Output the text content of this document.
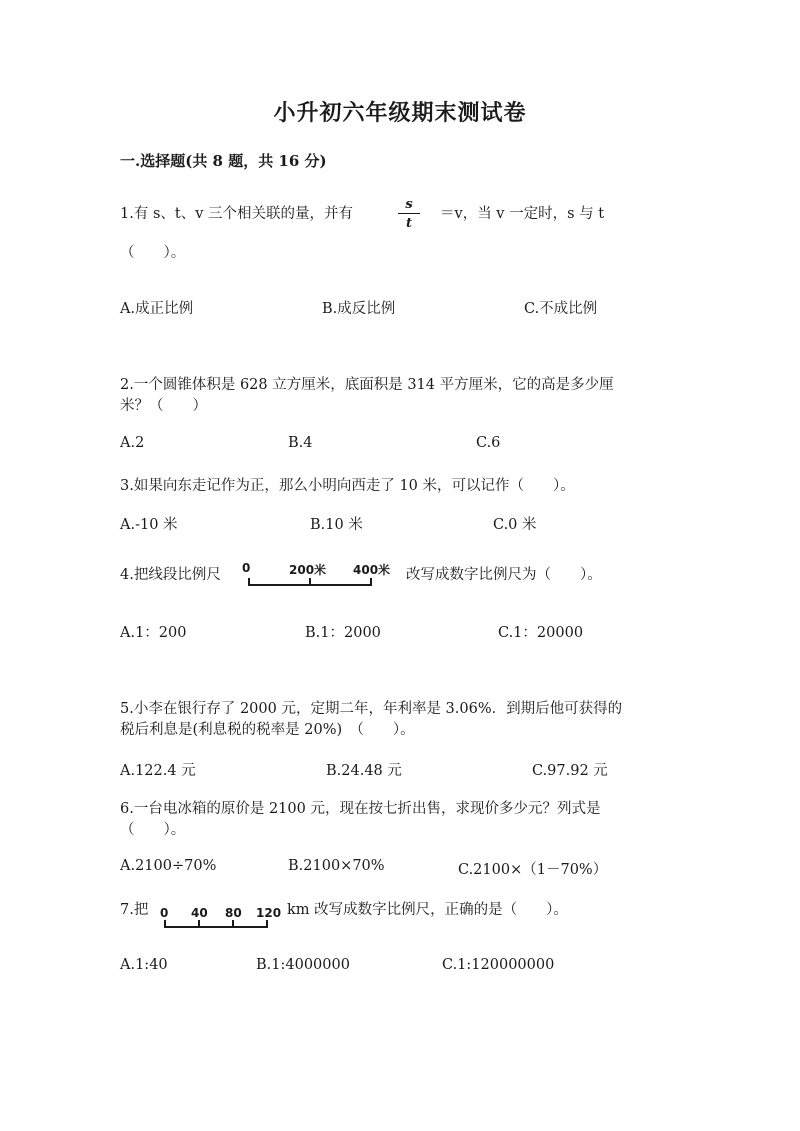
小升初六年级期末测试卷
一.选择题(共 8 题，共 16 分)
1.有 s、t、v 三个相关联的量，并有
s
t
＝v，当 v 一定时，s 与 t
（　　）。
A.成正比例	B.成反比例	C.不成比例
2.一个圆锥体积是 628 立方厘米，底面积是 314 平方厘米，它的高是多少厘
米？（　　）
A.2	B.4	C.6
3.如果向东走记作为正，那么小明向西走了 10 米，可以记作（　　）。
A.-10 米	B.10 米	C.0 米
4.把线段比例尺 0	200米 400米 改写成数字比例尺为（　　）。
A.1：200	B.1：2000	C.1：20000
5.小李在银行存了 2000 元，定期二年，年利率是 3.06%．到期后他可获得的
税后利息是(利息税的税率是 20%)　（　　）。
A.122.4 元	B.24.48 元	C.97.92 元
6.一台电冰箱的原价是 2100 元，现在按七折出售，求现价多少元？列式是
（　　）。
A.2100÷70%	B.2100×70%	C.2100×（1－70%）
7.把 0 40 80 120 km 改写成数字比例尺，正确的是（　　）。
A.1:40	B.1:4000000	C.1:120000000
